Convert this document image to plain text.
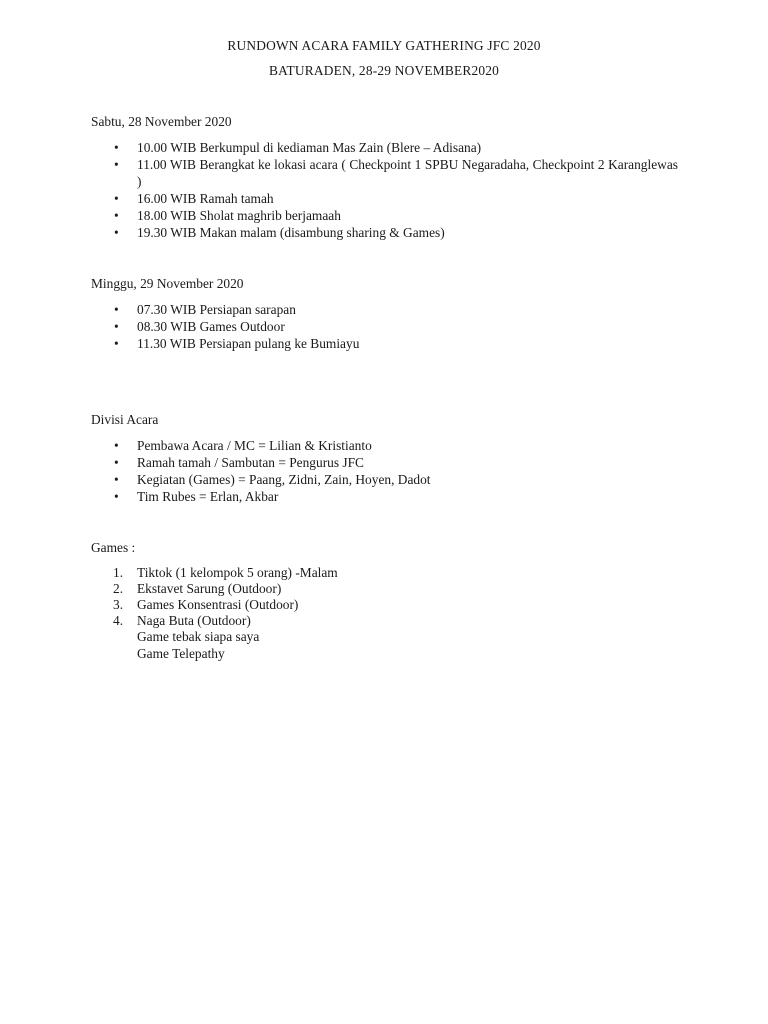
RUNDOWN ACARA FAMILY GATHERING JFC 2020
BATURADEN, 28-29 NOVEMBER2020
Sabtu, 28 November 2020
•	10.00 WIB Berkumpul di kediaman Mas Zain (Blere – Adisana)
•	11.00 WIB Berangkat ke lokasi acara ( Checkpoint 1 SPBU Negaradaha, Checkpoint 2 Karanglewas )
•	16.00 WIB Ramah tamah
•	18.00 WIB Sholat maghrib berjamaah
•	19.30 WIB Makan malam (disambung sharing & Games)
Minggu, 29 November 2020
•	07.30 WIB Persiapan sarapan
•	08.30 WIB Games Outdoor
•	11.30 WIB Persiapan pulang ke Bumiayu
Divisi Acara
•	Pembawa Acara / MC = Lilian & Kristianto
•	Ramah tamah / Sambutan = Pengurus JFC
•	Kegiatan (Games) = Paang, Zidni, Zain, Hoyen, Dadot
•	Tim Rubes = Erlan, Akbar
Games :
1.	Tiktok (1 kelompok 5 orang) -Malam
2.	Ekstavet Sarung (Outdoor)
3.	Games Konsentrasi (Outdoor)
4.	Naga Buta (Outdoor)
Game tebak siapa saya
Game Telepathy
